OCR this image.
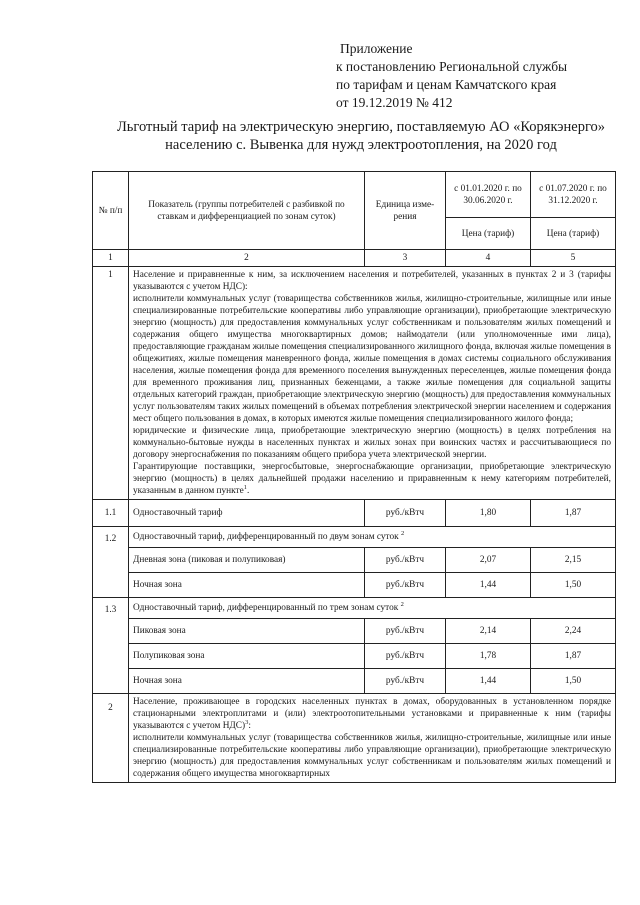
Приложение
к постановлению Региональной службы
по тарифам и ценам Камчатского края
от 19.12.2019 № 412
Льготный тариф на электрическую энергию, поставляемую АО «Корякэнерго»
населению с. Вывенка для нужд электроотопления, на 2020 год
№ п/п	Показатель (группы потребителей с разбивкой по ставкам и дифференциацией по зонам суток)	Единица изме-рения	с 01.01.2020 г. по 30.06.2020 г.	с 01.07.2020 г. по 31.12.2020 г.
			Цена (тариф)	Цена (тариф)
1	2	3	4	5
1	Население и приравненные к ним, за исключением населения и потребителей, указанных в пунктах 2 и 3 (тарифы указываются с учетом НДС):

исполнители коммунальных услуг (товарищества собственников жилья, жилищно-строительные, жилищные или иные специализированные потребительские кооперативы либо управляющие организации), приобретающие электрическую энергию (мощность) для предоставления коммунальных услуг собственникам и пользователям жилых помещений и содержания общего имущества многоквартирных домов; наймодатели (или уполномоченные ими лица), предоставляющие гражданам жилые помещения специализированного жилищного фонда, включая жилые помещения в общежитиях, жилые помещения маневренного фонда, жилые помещения в домах системы социального обслуживания населения, жилые помещения фонда для временного поселения вынужденных переселенцев, жилые помещения фонда для временного проживания лиц, признанных беженцами, а также жилые помещения для социальной защиты отдельных категорий граждан, приобретающие электрическую энергию (мощность) для предоставления коммунальных услуг пользователям таких жилых помещений в объемах потребления электрической энергии населением и содержания мест общего пользования в домах, в которых имеются жилые помещения специализированного жилого фонда;

юридические и физические лица, приобретающие электрическую энергию (мощность) в целях потребления на коммунально-бытовые нужды в населенных пунктах и жилых зонах при воинских частях и рассчитывающиеся по договору энергоснабжения по показаниям общего прибора учета электрической энергии.

Гарантирующие поставщики, энергосбытовые, энергоснабжающие организации, приобретающие электрическую энергию (мощность) в целях дальнейшей продажи населению и приравненным к нему категориям потребителей, указанным в данном пункте$^1$.			

1.1	Одноставочный тариф	руб./кВтч	1,80	1,87
1.2	Одноставочный тариф, дифференцированный по двум зонам суток $^2$
	Дневная зона (пиковая и полупиковая)	руб./кВтч	2,07	2,15
	Ночная зона	руб./кВтч	1,44	1,50
1.3	Одноставочный тариф, дифференцированный по трем зонам суток $^2$
	Пиковая зона	руб./кВтч	2,14	2,24
	Полупиковая зона	руб./кВтч	1,78	1,87
	Ночная зона	руб./кВтч	1,44	1,50
2	Население, проживающее в городских населенных пунктах в домах, оборудованных в установленном порядке стационарными электроплитами и (или) электроотопительными установками и приравненные к ним (тарифы указываются с учетом НДС)$^3$:

исполнители коммунальных услуг (товарищества собственников жилья, жилищно-строительные, жилищные или иные специализированные потребительские кооперативы либо управляющие организации), приобретающие электрическую энергию (мощность) для предоставления коммунальных услуг собственникам и пользователям жилых помещений и содержания общего имущества многоквартирных			
